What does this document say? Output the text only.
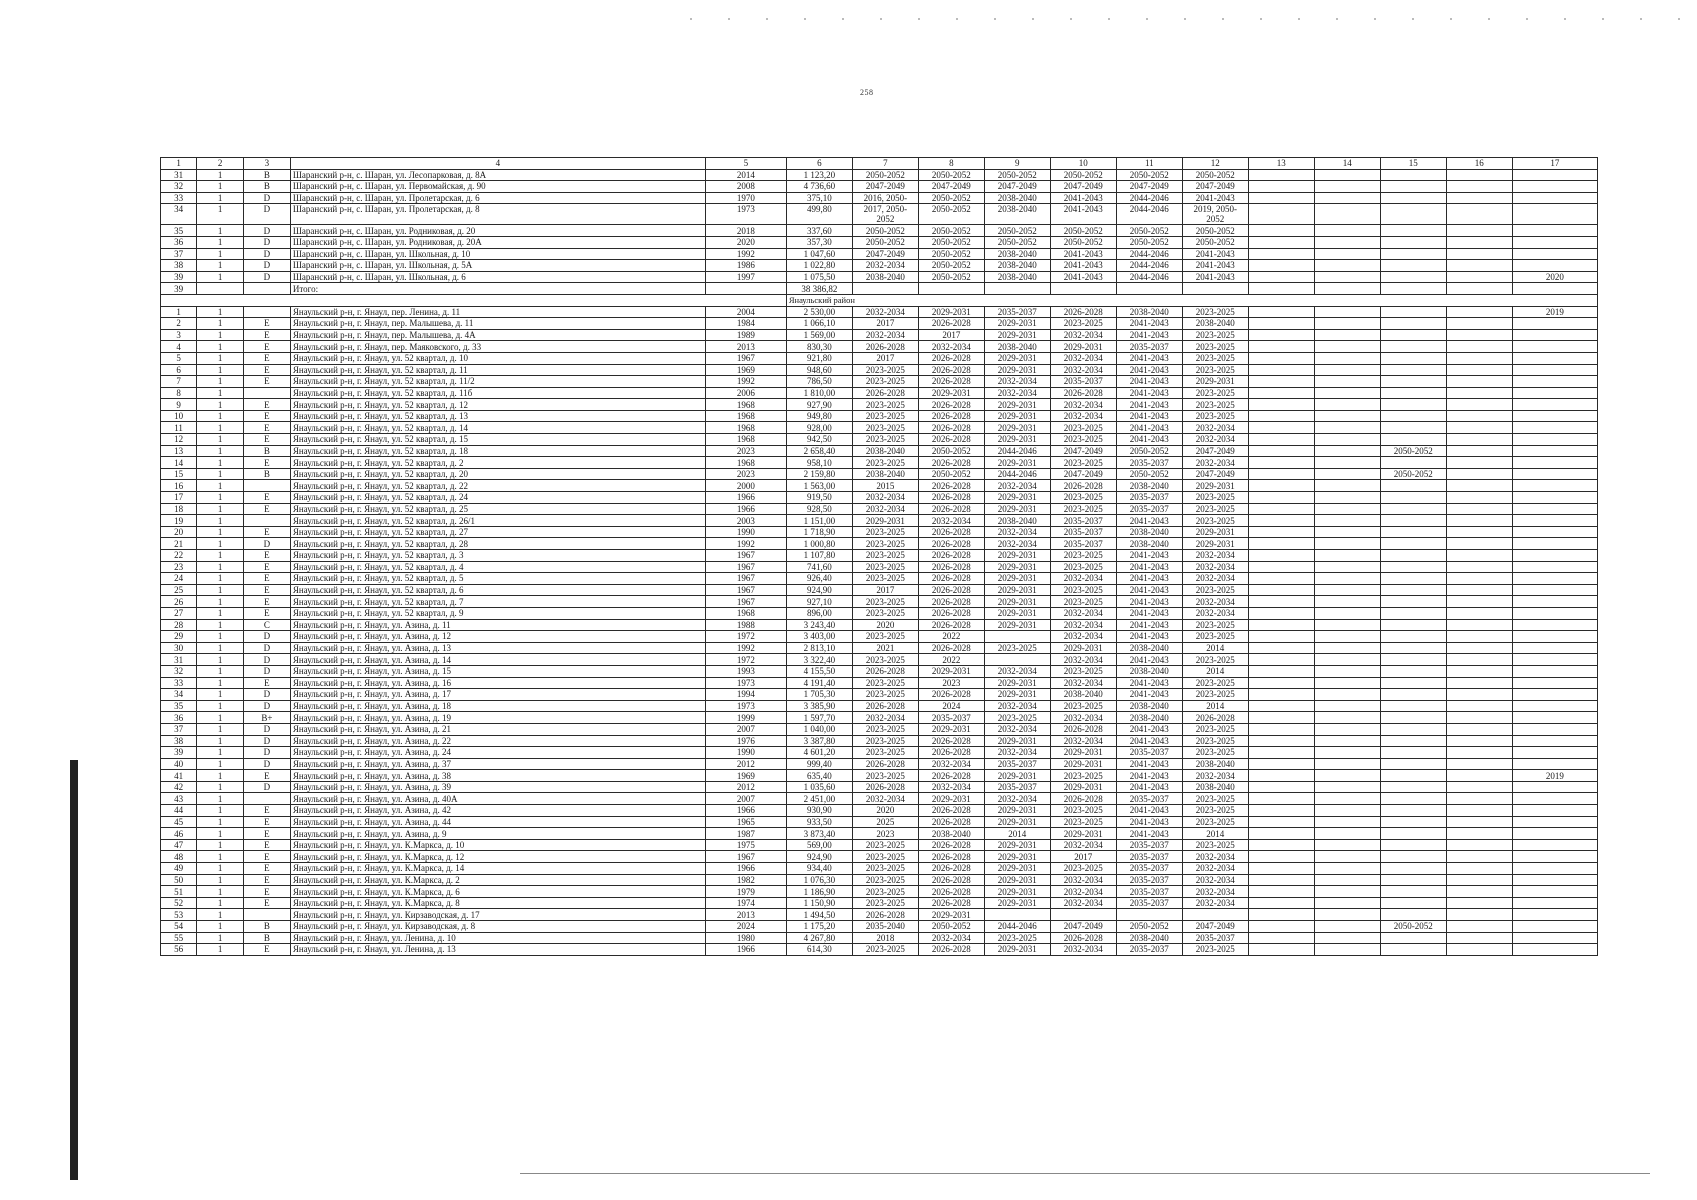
258
1	2	3	4	5	6	7	8	9	10	11	12	13	14	15	16	17
31	1	B	Шаранский р-н, с. Шаран, ул. Лесопарковая, д. 8А	2014	1 123,20	2050-2052	2050-2052	2050-2052	2050-2052	2050-2052	2050-2052					
32	1	B	Шаранский р-н, с. Шаран, ул. Первомайская, д. 90	2008	4 736,60	2047-2049	2047-2049	2047-2049	2047-2049	2047-2049	2047-2049					
33	1	D	Шаранский р-н, с. Шаран, ул. Пролетарская, д. 6	1970	375,10	2016, 2050-	2050-2052	2038-2040	2041-2043	2044-2046	2041-2043					
34	1	D	Шаранский р-н, с. Шаран, ул. Пролетарская, д. 8	1973	499,80	2017, 2050-2052	2050-2052	2038-2040	2041-2043	2044-2046	2019, 2050-2052					
35	1	D	Шаранский р-н, с. Шаран, ул. Родниковая, д. 20	2018	337,60	2050-2052	2050-2052	2050-2052	2050-2052	2050-2052	2050-2052					
36	1	D	Шаранский р-н, с. Шаран, ул. Родниковая, д. 20А	2020	357,30	2050-2052	2050-2052	2050-2052	2050-2052	2050-2052	2050-2052					
37	1	D	Шаранский р-н, с. Шаран, ул. Школьная, д. 10	1992	1 047,60	2047-2049	2050-2052	2038-2040	2041-2043	2044-2046	2041-2043					
38	1	D	Шаранский р-н, с. Шаран, ул. Школьная, д. 5А	1986	1 022,80	2032-2034	2050-2052	2038-2040	2041-2043	2044-2046	2041-2043					
39	1	D	Шаранский р-н, с. Шаран, ул. Школьная, д. 6	1997	1 075,50	2038-2040	2050-2052	2038-2040	2041-2043	2044-2046	2041-2043					2020
39			Итого:		38 386,82											
					Янаульский район											
1	1		Янаульский р-н, г. Янаул, пер. Ленина, д. 11	2004	2 530,00	2032-2034	2029-2031	2035-2037	2026-2028	2038-2040	2023-2025					2019
2	1	E	Янаульский р-н, г. Янаул, пер. Малышева, д. 11	1984	1 066,10	2017	2026-2028	2029-2031	2023-2025	2041-2043	2038-2040					
3	1	E	Янаульский р-н, г. Янаул, пер. Малышева, д. 4А	1989	1 569,00	2032-2034	2017	2029-2031	2032-2034	2041-2043	2023-2025					
4	1	E	Янаульский р-н, г. Янаул, пер. Маяковского, д. 33	2013	830,30	2026-2028	2032-2034	2038-2040	2029-2031	2035-2037	2023-2025					
5	1	E	Янаульский р-н, г. Янаул, ул. 52 квартал, д. 10	1967	921,80	2017	2026-2028	2029-2031	2032-2034	2041-2043	2023-2025					
6	1	E	Янаульский р-н, г. Янаул, ул. 52 квартал, д. 11	1969	948,60	2023-2025	2026-2028	2029-2031	2032-2034	2041-2043	2023-2025					
7	1	E	Янаульский р-н, г. Янаул, ул. 52 квартал, д. 11/2	1992	786,50	2023-2025	2026-2028	2032-2034	2035-2037	2041-2043	2029-2031					
8	1		Янаульский р-н, г. Янаул, ул. 52 квартал, д. 11б	2006	1 810,00	2026-2028	2029-2031	2032-2034	2026-2028	2041-2043	2023-2025					
9	1	E	Янаульский р-н, г. Янаул, ул. 52 квартал, д. 12	1968	927,90	2023-2025	2026-2028	2029-2031	2032-2034	2041-2043	2023-2025					
10	1	E	Янаульский р-н, г. Янаул, ул. 52 квартал, д. 13	1968	949,80	2023-2025	2026-2028	2029-2031	2032-2034	2041-2043	2023-2025					
11	1	E	Янаульский р-н, г. Янаул, ул. 52 квартал, д. 14	1968	928,00	2023-2025	2026-2028	2029-2031	2023-2025	2041-2043	2032-2034					
12	1	E	Янаульский р-н, г. Янаул, ул. 52 квартал, д. 15	1968	942,50	2023-2025	2026-2028	2029-2031	2023-2025	2041-2043	2032-2034					
13	1	B	Янаульский р-н, г. Янаул, ул. 52 квартал, д. 18	2023	2 658,40	2038-2040	2050-2052	2044-2046	2047-2049	2050-2052	2047-2049			2050-2052		
14	1	E	Янаульский р-н, г. Янаул, ул. 52 квартал, д. 2	1968	958,10	2023-2025	2026-2028	2029-2031	2023-2025	2035-2037	2032-2034					
15	1	B	Янаульский р-н, г. Янаул, ул. 52 квартал, д. 20	2023	2 159,80	2038-2040	2050-2052	2044-2046	2047-2049	2050-2052	2047-2049			2050-2052		
16	1		Янаульский р-н, г. Янаул, ул. 52 квартал, д. 22	2000	1 563,00	2015	2026-2028	2032-2034	2026-2028	2038-2040	2029-2031					
17	1	E	Янаульский р-н, г. Янаул, ул. 52 квартал, д. 24	1966	919,50	2032-2034	2026-2028	2029-2031	2023-2025	2035-2037	2023-2025					
18	1	E	Янаульский р-н, г. Янаул, ул. 52 квартал, д. 25	1966	928,50	2032-2034	2026-2028	2029-2031	2023-2025	2035-2037	2023-2025					
19	1		Янаульский р-н, г. Янаул, ул. 52 квартал, д. 26/1	2003	1 151,00	2029-2031	2032-2034	2038-2040	2035-2037	2041-2043	2023-2025					
20	1	E	Янаульский р-н, г. Янаул, ул. 52 квартал, д. 27	1990	1 718,90	2023-2025	2026-2028	2032-2034	2035-2037	2038-2040	2029-2031					
21	1	D	Янаульский р-н, г. Янаул, ул. 52 квартал, д. 28	1992	1 000,80	2023-2025	2026-2028	2032-2034	2035-2037	2038-2040	2029-2031					
22	1	E	Янаульский р-н, г. Янаул, ул. 52 квартал, д. 3	1967	1 107,80	2023-2025	2026-2028	2029-2031	2023-2025	2041-2043	2032-2034					
23	1	E	Янаульский р-н, г. Янаул, ул. 52 квартал, д. 4	1967	741,60	2023-2025	2026-2028	2029-2031	2023-2025	2041-2043	2032-2034					
24	1	E	Янаульский р-н, г. Янаул, ул. 52 квартал, д. 5	1967	926,40	2023-2025	2026-2028	2029-2031	2032-2034	2041-2043	2032-2034					
25	1	E	Янаульский р-н, г. Янаул, ул. 52 квартал, д. 6	1967	924,90	2017	2026-2028	2029-2031	2023-2025	2041-2043	2023-2025					
26	1	E	Янаульский р-н, г. Янаул, ул. 52 квартал, д. 7	1967	927,10	2023-2025	2026-2028	2029-2031	2023-2025	2041-2043	2032-2034					
27	1	E	Янаульский р-н, г. Янаул, ул. 52 квартал, д. 9	1968	896,00	2023-2025	2026-2028	2029-2031	2032-2034	2041-2043	2032-2034					
28	1	C	Янаульский р-н, г. Янаул, ул. Азина, д. 11	1988	3 243,40	2020	2026-2028	2029-2031	2032-2034	2041-2043	2023-2025					
29	1	D	Янаульский р-н, г. Янаул, ул. Азина, д. 12	1972	3 403,00	2023-2025	2022		2032-2034	2041-2043	2023-2025					
30	1	D	Янаульский р-н, г. Янаул, ул. Азина, д. 13	1992	2 813,10	2021	2026-2028	2023-2025	2029-2031	2038-2040	2014					
31	1	D	Янаульский р-н, г. Янаул, ул. Азина, д. 14	1972	3 322,40	2023-2025	2022		2032-2034	2041-2043	2023-2025					
32	1	D	Янаульский р-н, г. Янаул, ул. Азина, д. 15	1993	4 155,50	2026-2028	2029-2031	2032-2034	2023-2025	2038-2040	2014					
33	1	E	Янаульский р-н, г. Янаул, ул. Азина, д. 16	1973	4 191,40	2023-2025	2023	2029-2031	2032-2034	2041-2043	2023-2025					
34	1	D	Янаульский р-н, г. Янаул, ул. Азина, д. 17	1994	1 705,30	2023-2025	2026-2028	2029-2031	2038-2040	2041-2043	2023-2025					
35	1	D	Янаульский р-н, г. Янаул, ул. Азина, д. 18	1973	3 385,90	2026-2028	2024	2032-2034	2023-2025	2038-2040	2014					
36	1	B+	Янаульский р-н, г. Янаул, ул. Азина, д. 19	1999	1 597,70	2032-2034	2035-2037	2023-2025	2032-2034	2038-2040	2026-2028					
37	1	D	Янаульский р-н, г. Янаул, ул. Азина, д. 21	2007	1 040,00	2023-2025	2029-2031	2032-2034	2026-2028	2041-2043	2023-2025					
38	1	D	Янаульский р-н, г. Янаул, ул. Азина, д. 22	1976	3 387,80	2023-2025	2026-2028	2029-2031	2032-2034	2041-2043	2023-2025					
39	1	D	Янаульский р-н, г. Янаул, ул. Азина, д. 24	1990	4 601,20	2023-2025	2026-2028	2032-2034	2029-2031	2035-2037	2023-2025					
40	1	D	Янаульский р-н, г. Янаул, ул. Азина, д. 37	2012	999,40	2026-2028	2032-2034	2035-2037	2029-2031	2041-2043	2038-2040					
41	1	E	Янаульский р-н, г. Янаул, ул. Азина, д. 38	1969	635,40	2023-2025	2026-2028	2029-2031	2023-2025	2041-2043	2032-2034					2019
42	1	D	Янаульский р-н, г. Янаул, ул. Азина, д. 39	2012	1 035,60	2026-2028	2032-2034	2035-2037	2029-2031	2041-2043	2038-2040					
43	1		Янаульский р-н, г. Янаул, ул. Азина, д. 40А	2007	2 451,00	2032-2034	2029-2031	2032-2034	2026-2028	2035-2037	2023-2025					
44	1	E	Янаульский р-н, г. Янаул, ул. Азина, д. 42	1966	930,90	2020	2026-2028	2029-2031	2023-2025	2041-2043	2023-2025					
45	1	E	Янаульский р-н, г. Янаул, ул. Азина, д. 44	1965	933,50	2025	2026-2028	2029-2031	2023-2025	2041-2043	2023-2025					
46	1	E	Янаульский р-н, г. Янаул, ул. Азина, д. 9	1987	3 873,40	2023	2038-2040	2014	2029-2031	2041-2043	2014					
47	1	E	Янаульский р-н, г. Янаул, ул. К.Маркса, д. 10	1975	569,00	2023-2025	2026-2028	2029-2031	2032-2034	2035-2037	2023-2025					
48	1	E	Янаульский р-н, г. Янаул, ул. К.Маркса, д. 12	1967	924,90	2023-2025	2026-2028	2029-2031	2017	2035-2037	2032-2034					
49	1	E	Янаульский р-н, г. Янаул, ул. К.Маркса, д. 14	1966	934,40	2023-2025	2026-2028	2029-2031	2023-2025	2035-2037	2032-2034					
50	1	E	Янаульский р-н, г. Янаул, ул. К.Маркса, д. 2	1982	1 076,30	2023-2025	2026-2028	2029-2031	2032-2034	2035-2037	2032-2034					
51	1	E	Янаульский р-н, г. Янаул, ул. К.Маркса, д. 6	1979	1 186,90	2023-2025	2026-2028	2029-2031	2032-2034	2035-2037	2032-2034					
52	1	E	Янаульский р-н, г. Янаул, ул. К.Маркса, д. 8	1974	1 150,90	2023-2025	2026-2028	2029-2031	2032-2034	2035-2037	2032-2034					
53	1		Янаульский р-н, г. Янаул, ул. Кирзаводская, д. 17	2013	1 494,50	2026-2028	2029-2031									
54	1	B	Янаульский р-н, г. Янаул, ул. Кирзаводская, д. 8	2024	1 175,20	2035-2040	2050-2052	2044-2046	2047-2049	2050-2052	2047-2049			2050-2052		
55	1	B	Янаульский р-н, г. Янаул, ул. Ленина, д. 10	1980	4 267,80	2018	2032-2034	2023-2025	2026-2028	2038-2040	2035-2037					
56	1	E	Янаульский р-н, г. Янаул, ул. Ленина, д. 13	1966	614,30	2023-2025	2026-2028	2029-2031	2032-2034	2035-2037	2023-2025					
